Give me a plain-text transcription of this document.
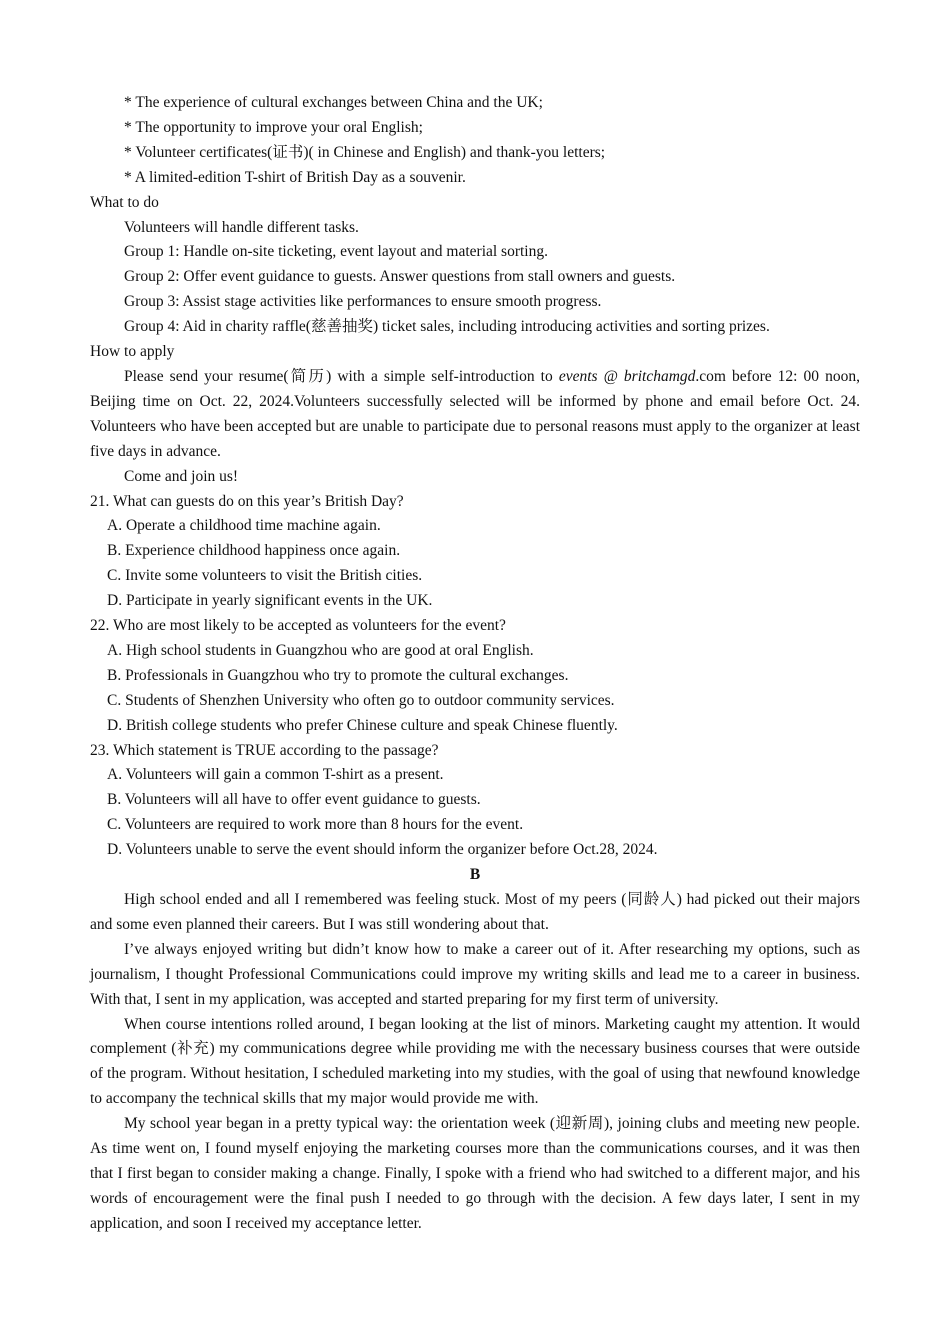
* The experience of cultural exchanges between China and the UK;
* The opportunity to improve your oral English;
* Volunteer certificates(证书)( in Chinese and English) and thank-you letters;
* A limited-edition T-shirt of British Day as a souvenir.
What to do
Volunteers will handle different tasks.
Group 1: Handle on-site ticketing, event layout and material sorting.
Group 2: Offer event guidance to guests. Answer questions from stall owners and guests.
Group 3: Assist stage activities like performances to ensure smooth progress.
Group 4: Aid in charity raffle(慈善抽奖) ticket sales, including introducing activities and sorting prizes.
How to apply
Please send your resume(简历) with a simple self-introduction to events @ britchamgd.com before 12: 00 noon, Beijing time on Oct. 22, 2024.Volunteers successfully selected will be informed by phone and email before Oct. 24. Volunteers who have been accepted but are unable to participate due to personal reasons must apply to the organizer at least five days in advance.
Come and join us!
21. What can guests do on this year’s British Day?
A. Operate a childhood time machine again.
B. Experience childhood happiness once again.
C. Invite some volunteers to visit the British cities.
D. Participate in yearly significant events in the UK.
22. Who are most likely to be accepted as volunteers for the event?
A. High school students in Guangzhou who are good at oral English.
B. Professionals in Guangzhou who try to promote the cultural exchanges.
C. Students of Shenzhen University who often go to outdoor community services.
D. British college students who prefer Chinese culture and speak Chinese fluently.
23. Which statement is TRUE according to the passage?
A. Volunteers will gain a common T-shirt as a present.
B. Volunteers will all have to offer event guidance to guests.
C. Volunteers are required to work more than 8 hours for the event.
D. Volunteers unable to serve the event should inform the organizer before Oct.28, 2024.
B
High school ended and all I remembered was feeling stuck. Most of my peers (同龄人) had picked out their majors and some even planned their careers. But I was still wondering about that.
I’ve always enjoyed writing but didn’t know how to make a career out of it. After researching my options, such as journalism, I thought Professional Communications could improve my writing skills and lead me to a career in business. With that, I sent in my application, was accepted and started preparing for my first term of university.
When course intentions rolled around, I began looking at the list of minors. Marketing caught my attention. It would complement (补充) my communications degree while providing me with the necessary business courses that were outside of the program. Without hesitation, I scheduled marketing into my studies, with the goal of using that newfound knowledge to accompany the technical skills that my major would provide me with.
My school year began in a pretty typical way: the orientation week (迎新周), joining clubs and meeting new people. As time went on, I found myself enjoying the marketing courses more than the communications courses, and it was then that I first began to consider making a change. Finally, I spoke with a friend who had switched to a different major, and his words of encouragement were the final push I needed to go through with the decision. A few days later, I sent in my application, and soon I received my acceptance letter.
